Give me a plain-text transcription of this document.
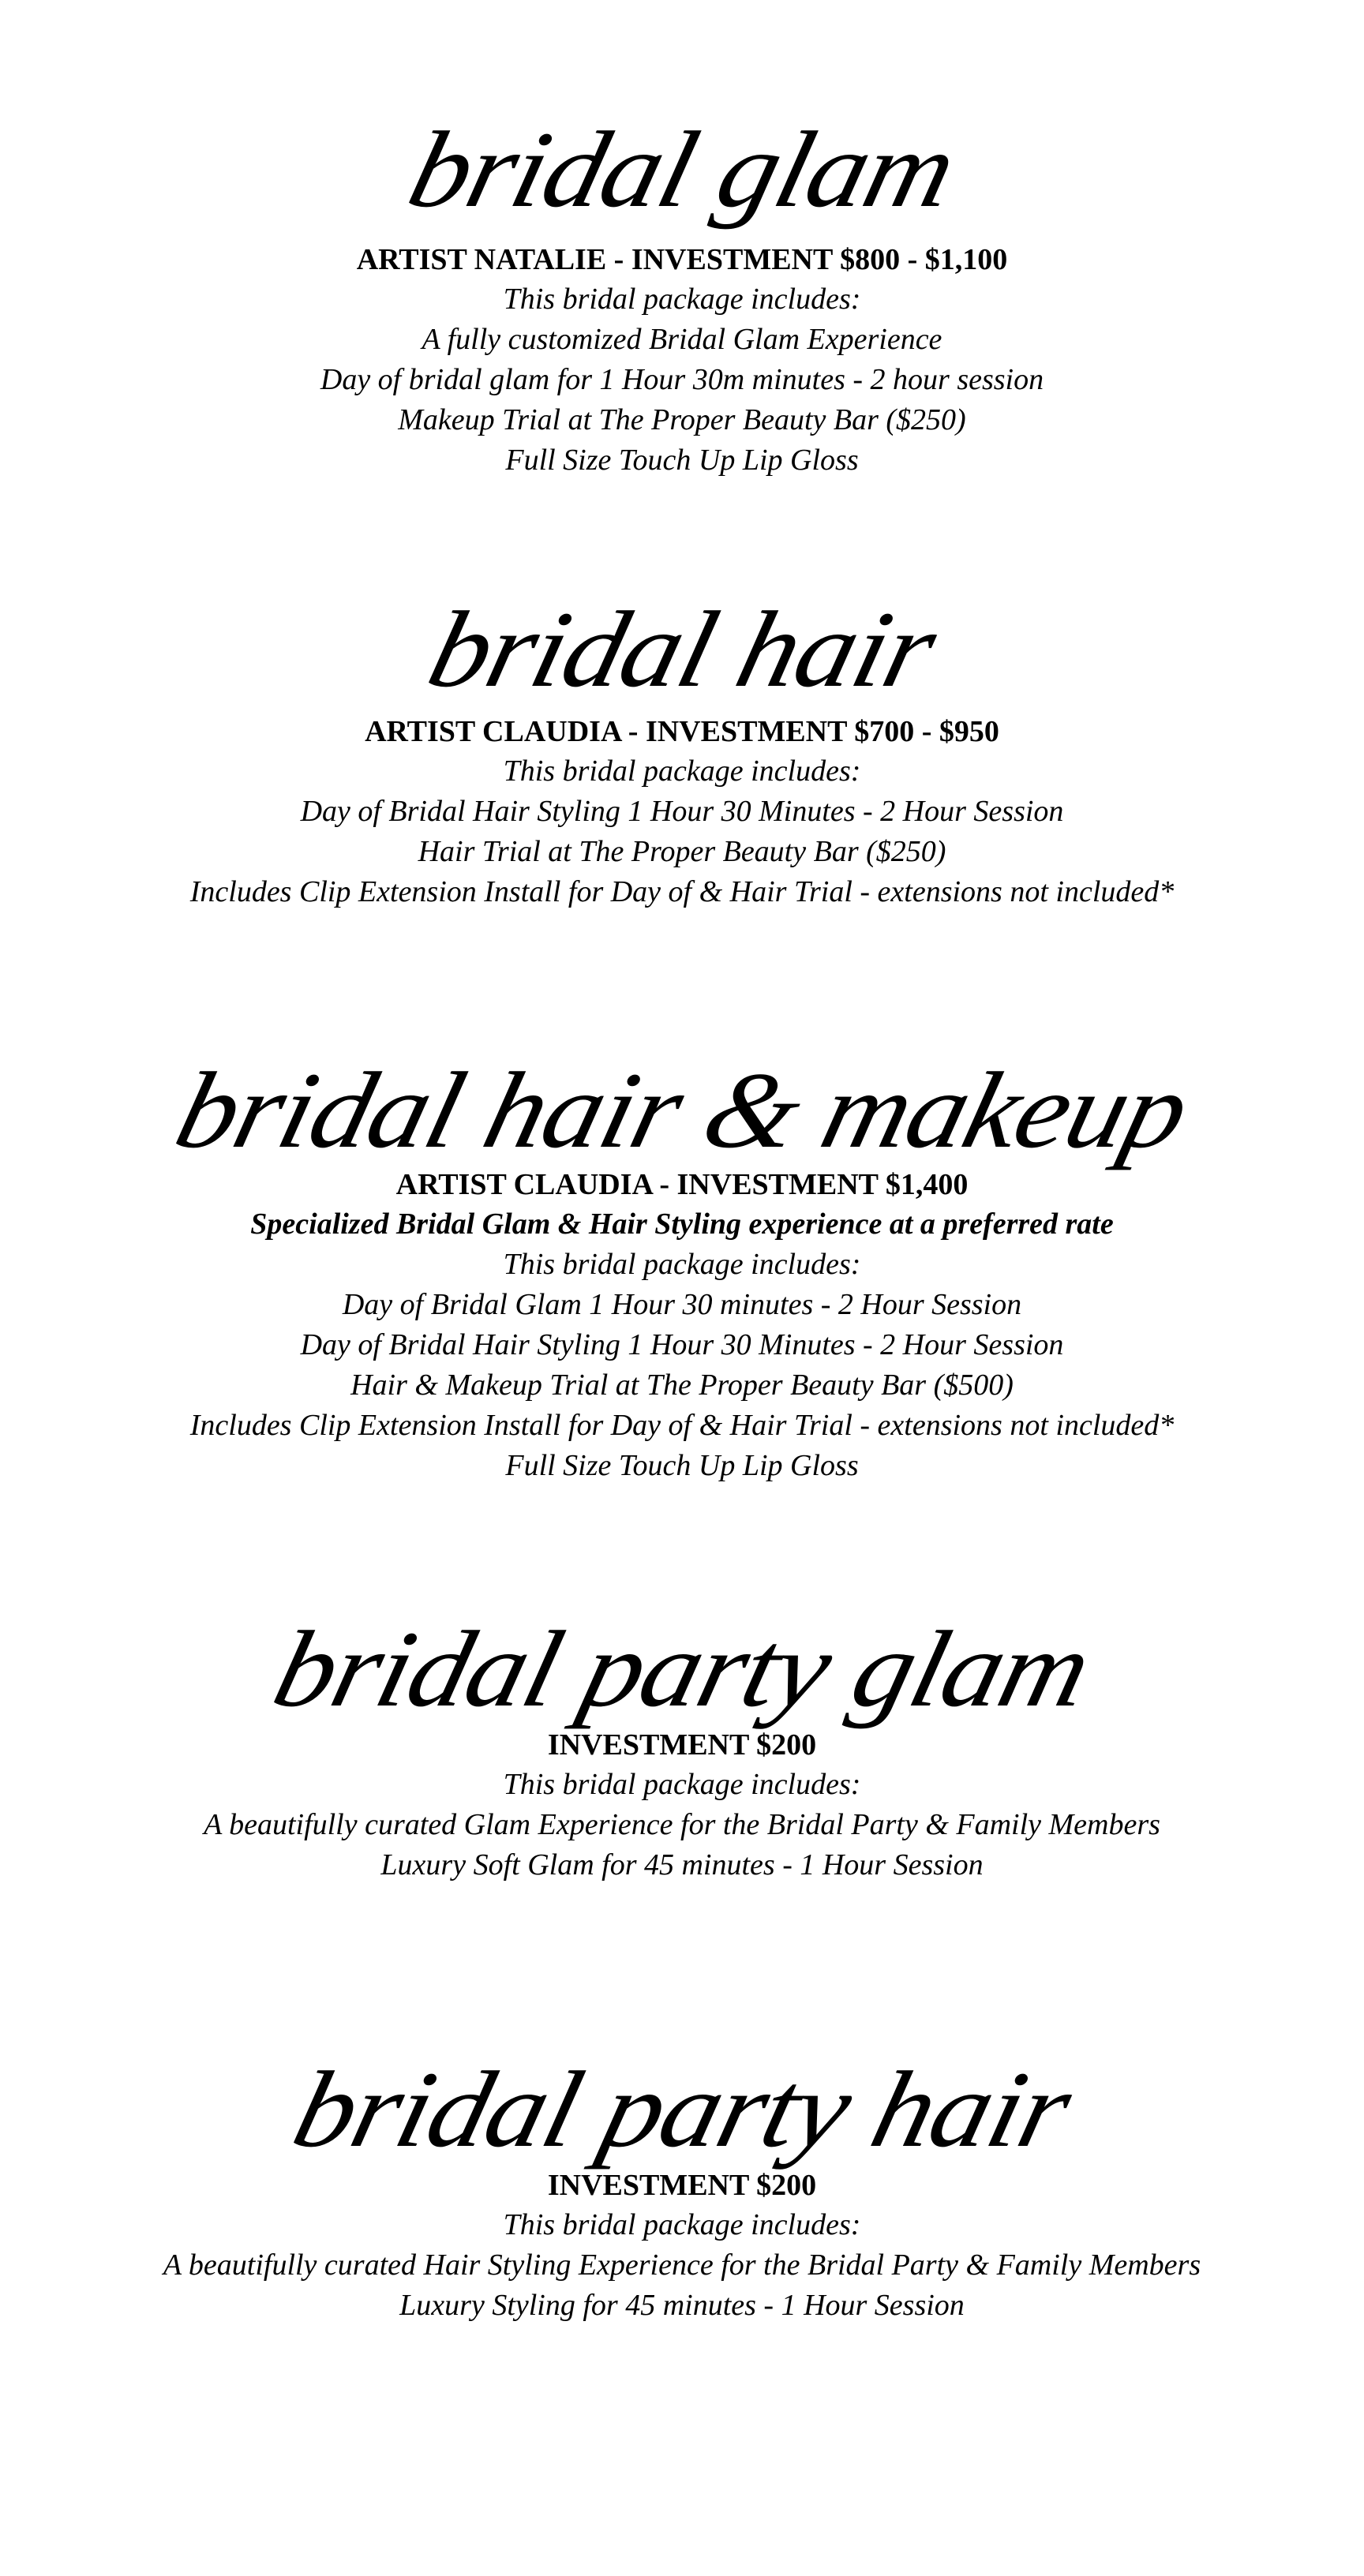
bridal glam
ARTIST NATALIE - INVESTMENT $800 - $1,100
This bridal package includes:
A fully customized Bridal Glam Experience
Day of bridal glam for 1 Hour 30m minutes - 2 hour session
Makeup Trial at The Proper Beauty Bar ($250)
Full Size Touch Up Lip Gloss
bridal hair
ARTIST CLAUDIA - INVESTMENT $700 - $950
This bridal package includes:
Day of Bridal Hair Styling 1 Hour 30 Minutes - 2 Hour Session
Hair Trial at The Proper Beauty Bar ($250)
Includes Clip Extension Install for Day of & Hair Trial - extensions not included*
bridal hair & makeup
ARTIST CLAUDIA - INVESTMENT $1,400
Specialized Bridal Glam & Hair Styling experience at a preferred rate
This bridal package includes:
Day of Bridal Glam 1 Hour 30 minutes - 2 Hour Session
Day of Bridal Hair Styling 1 Hour 30 Minutes - 2 Hour Session
Hair & Makeup Trial at The Proper Beauty Bar ($500)
Includes Clip Extension Install for Day of & Hair Trial - extensions not included*
Full Size Touch Up Lip Gloss
bridal party glam
INVESTMENT $200
This bridal package includes:
A beautifully curated Glam Experience for the Bridal Party & Family Members
Luxury Soft Glam for 45 minutes - 1 Hour Session
bridal party hair
INVESTMENT $200
This bridal package includes:
A beautifully curated Hair Styling Experience for the Bridal Party & Family Members
Luxury Styling for 45 minutes - 1 Hour Session
